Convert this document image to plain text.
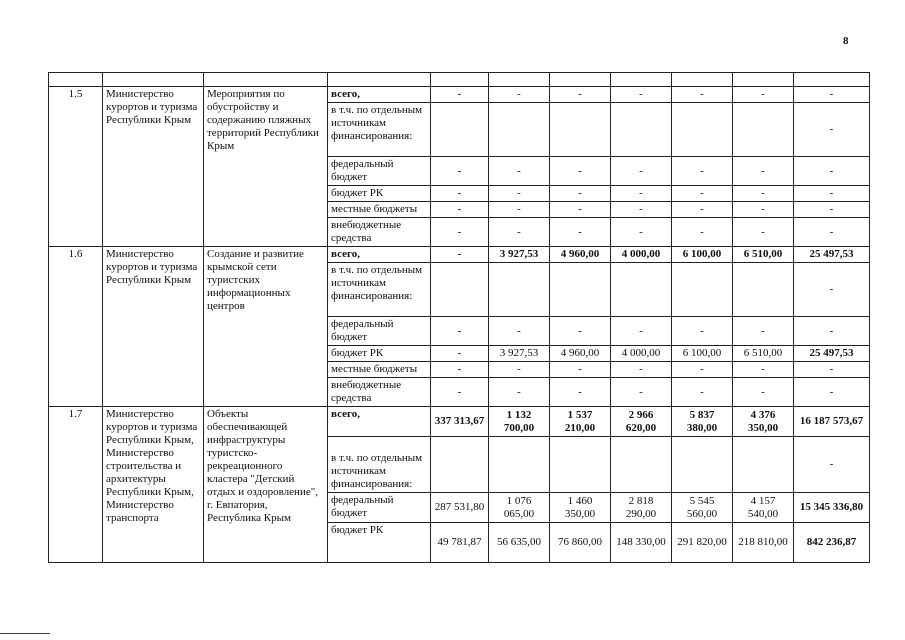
8

1.5	Министерство курортов и туризма Республики Крым	Мероприятия по обустройству и содержанию пляжных территорий Республики Крым	всего,	-	-	-	-	-	-	-
			в т.ч. по отдельным источникам финансирования:							-
			федеральный бюджет	-	-	-	-	-	-	-
			бюджет РК	-	-	-	-	-	-	-
			местные бюджеты	-	-	-	-	-	-	-
			внебюджетные средства	-	-	-	-	-	-	-
1.6	Министерство курортов и туризма Республики Крым	Создание и развитие крымской сети туристских информационных центров	всего,	-	3 927,53	4 960,00	4 000,00	6 100,00	6 510,00	25 497,53
			в т.ч. по отдельным источникам финансирования:							-
			федеральный бюджет	-	-	-	-	-	-	-
			бюджет РК	-	3 927,53	4 960,00	4 000,00	6 100,00	6 510,00	25 497,53
			местные бюджеты	-	-	-	-	-	-	-
			внебюджетные средства	-	-	-	-	-	-	-
1.7	Министерство курортов и туризма Республики Крым, Министерство строительства и архитектуры Республики Крым, Министерство транспорта	Объекты обеспечивающей инфраструктуры туристско-рекреационного кластера "Детский отдых и оздоровление", г. Евпатория, Республика Крым	всего,	337 313,67	1 132 700,00	1 537 210,00	2 966 620,00	5 837 380,00	4 376 350,00	16 187 573,67
			в т.ч. по отдельным источникам финансирования:							-
			федеральный бюджет	287 531,80	1 076 065,00	1 460 350,00	2 818 290,00	5 545 560,00	4 157 540,00	15 345 336,80
			бюджет РК	49 781,87	56 635,00	76 860,00	148 330,00	291 820,00	218 810,00	842 236,87
